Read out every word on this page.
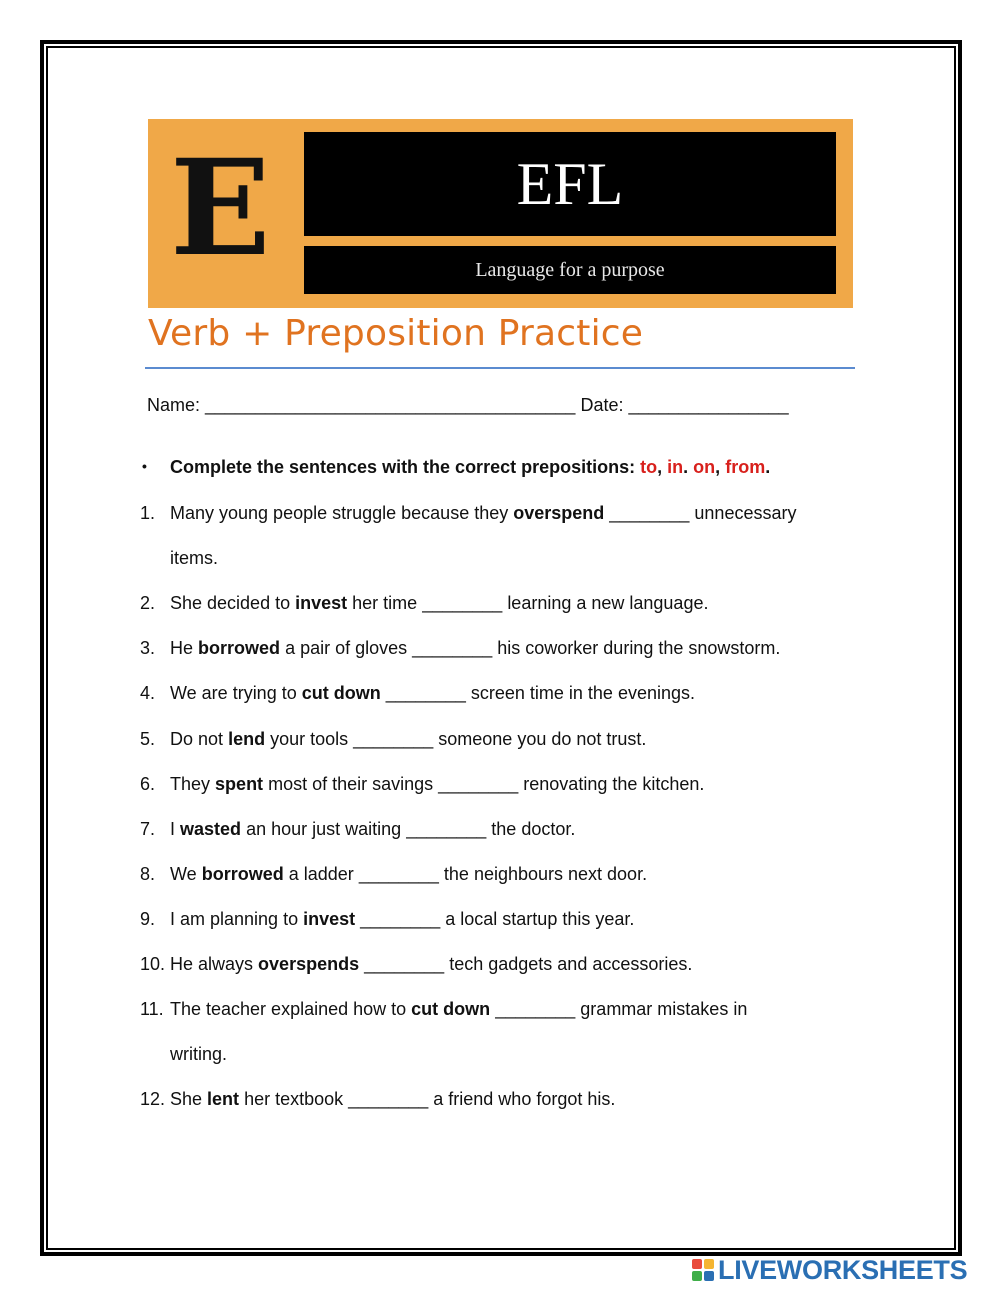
E	EFL
Language for a purpose
Verb + Preposition Practice
Name: _____________________________________ Date: ________________
• Complete the sentences with the correct prepositions: to, in. on, from.
1. Many young people struggle because they overspend ________ unnecessary
items.
2. She decided to invest her time ________ learning a new language.
3. He borrowed a pair of gloves ________ his coworker during the snowstorm.
4. We are trying to cut down ________ screen time in the evenings.
5. Do not lend your tools ________ someone you do not trust.
6. They spent most of their savings ________ renovating the kitchen.
7. I wasted an hour just waiting ________ the doctor.
8. We borrowed a ladder ________ the neighbours next door.
9. I am planning to invest ________ a local startup this year.
10. He always overspends ________ tech gadgets and accessories.
11. The teacher explained how to cut down ________ grammar mistakes in
writing.
12. She lent her textbook ________ a friend who forgot his.
LIVEWORKSHEETS
